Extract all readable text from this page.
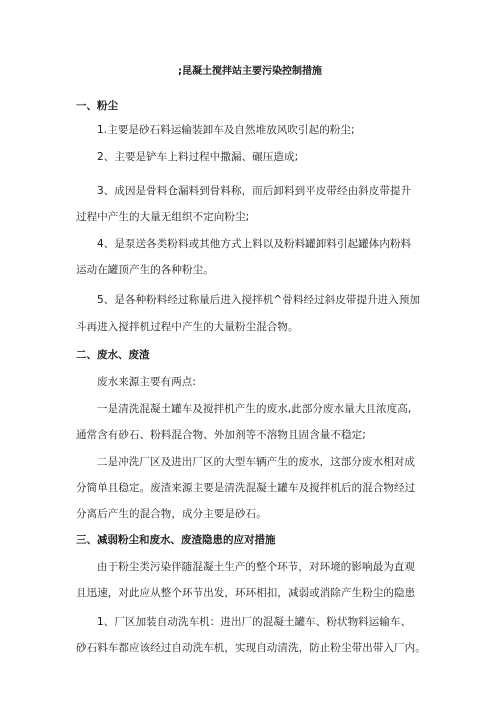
;昆凝土搅拌站主要污染控制措施
一、粉尘
1.主要是砂石料运输装卸车及自然堆放风吹引起的粉尘;
2、主要是铲车上料过程中撒漏、碾压造成;
3、成因是骨料仓漏料到骨料称，而后卸料到平皮带经由斜皮带提升
过程中产生的大量无组织不定向粉尘;
4、是泵送各类粉料或其他方式上料以及粉料罐卸料引起罐体内粉料
运动在罐顶产生的各种粉尘。
5、是各种粉料经过称量后进入搅拌机^骨料经过斜皮带提升进入预加
斗再进入搅拌机过程中产生的大量粉尘混合物。
二、废水、废渣
废水来源主要有两点:
一是清洗混凝土罐车及搅拌机产生的废水,此部分废水量大且浓度高,
通常含有砂石、粉料混合物、外加剂等不溶物且固含量不稳定;
二是冲洗厂区及进出厂区的大型车辆产生的废水，这部分废水相对成
分简单且稳定。废渣来源主要是清洗混凝土罐车及搅拌机后的混合物经过
分离后产生的混合物，成分主要是砂石。
三、减弱粉尘和废水、废渣隐患的应对措施
由于粉尘类污染伴随混凝土生产的整个环节，对环境的影响最为直观
且迅速，对此应从整个环节出发，环环相扣，减弱或消除产生粉尘的隐患
1、厂区加装自动洗车机：进出厂的混凝土罐车、粉状物料运输车、
砂石料车都应该经过自动洗车机，实现自动清洗，防止粉尘带出带入厂内。
